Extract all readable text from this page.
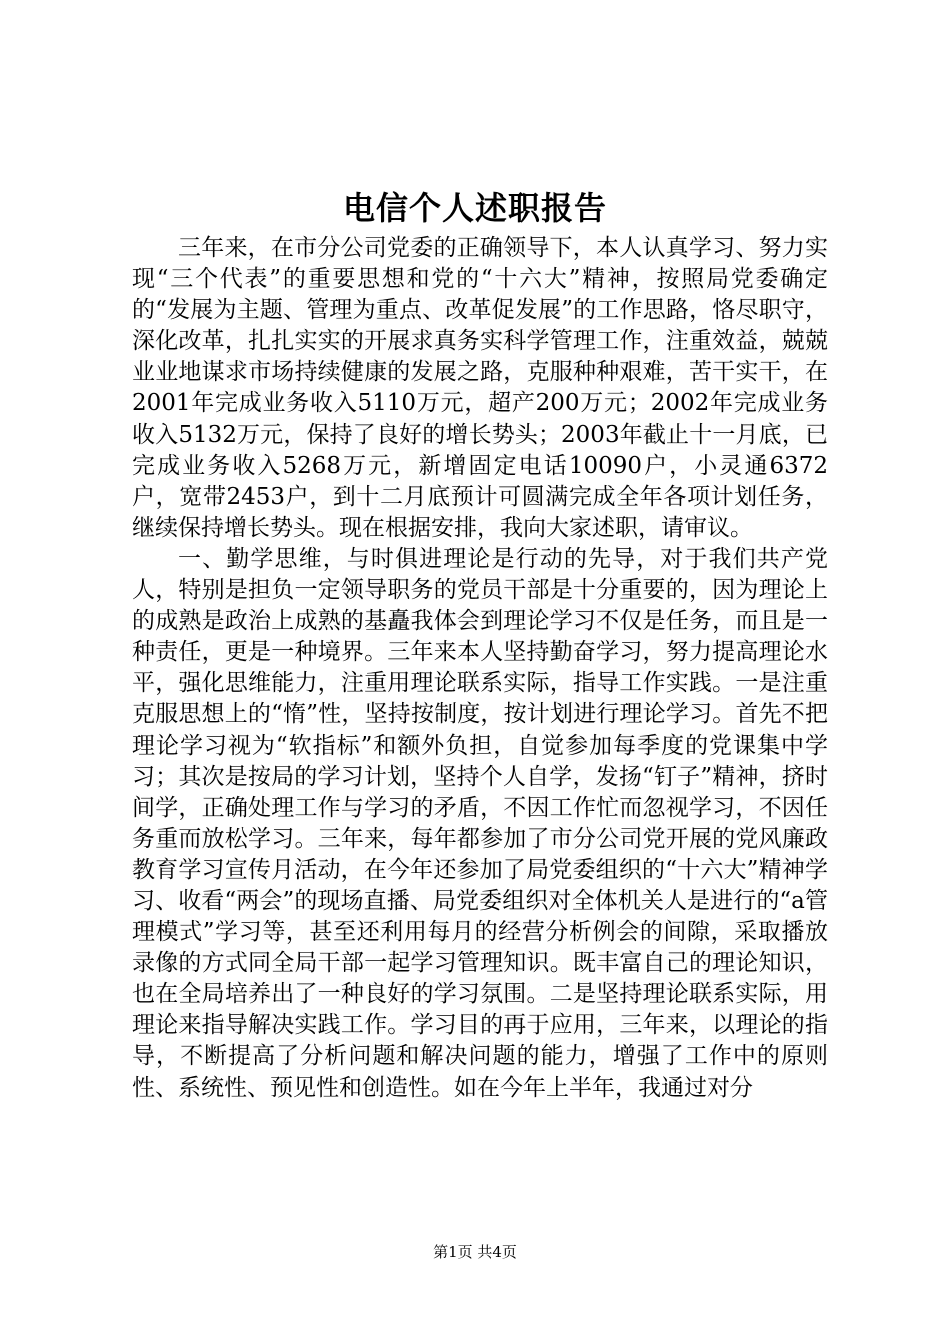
电信个人述职报告

三年来，在市分公司党委的正确领导下，本人认真学习、努力实现“三个代表”的重要思想和党的“十六大”精神，按照局党委确定的“发展为主题、管理为重点、改革促发展”的工作思路，恪尽职守，深化改革，扎扎实实的开展求真务实科学管理工作，注重效益，兢兢业业地谋求市场持续健康的发展之路，克服种种艰难，苦干实干，在2001年完成业务收入5110万元，超产200万元；2002年完成业务收入5132万元，保持了良好的增长势头；2003年截止十一月底，已完成业务收入5268万元，新增固定电话10090户，小灵通6372户，宽带2453户，到十二月底预计可圆满完成全年各项计划任务，继续保持增长势头。现在根据安排，我向大家述职，请审议。

一、勤学思维，与时俱进理论是行动的先导，对于我们共产党人，特别是担负一定领导职务的党员干部是十分重要的，因为理论上的成熟是政治上成熟的基矗我体会到理论学习不仅是任务，而且是一种责任，更是一种境界。三年来本人坚持勤奋学习，努力提高理论水平，强化思维能力，注重用理论联系实际，指导工作实践。一是注重克服思想上的“惰”性，坚持按制度，按计划进行理论学习。首先不把理论学习视为“软指标”和额外负担，自觉参加每季度的党课集中学习；其次是按局的学习计划，坚持个人自学，发扬“钉子”精神，挤时间学，正确处理工作与学习的矛盾，不因工作忙而忽视学习，不因任务重而放松学习。三年来，每年都参加了市分公司党开展的党风廉政教育学习宣传月活动，在今年还参加了局党委组织的“十六大”精神学习、收看“两会”的现场直播、局党委组织对全体机关人是进行的“a管理模式”学习等，甚至还利用每月的经营分析例会的间隙，采取播放录像的方式同全局干部一起学习管理知识。既丰富自己的理论知识，也在全局培养出了一种良好的学习氛围。二是坚持理论联系实际，用理论来指导解决实践工作。学习目的再于应用，三年来，以理论的指导，不断提高了分析问题和解决问题的能力，增强了工作中的原则性、系统性、预见性和创造性。如在今年上半年，我通过对分

第1页 共4页
